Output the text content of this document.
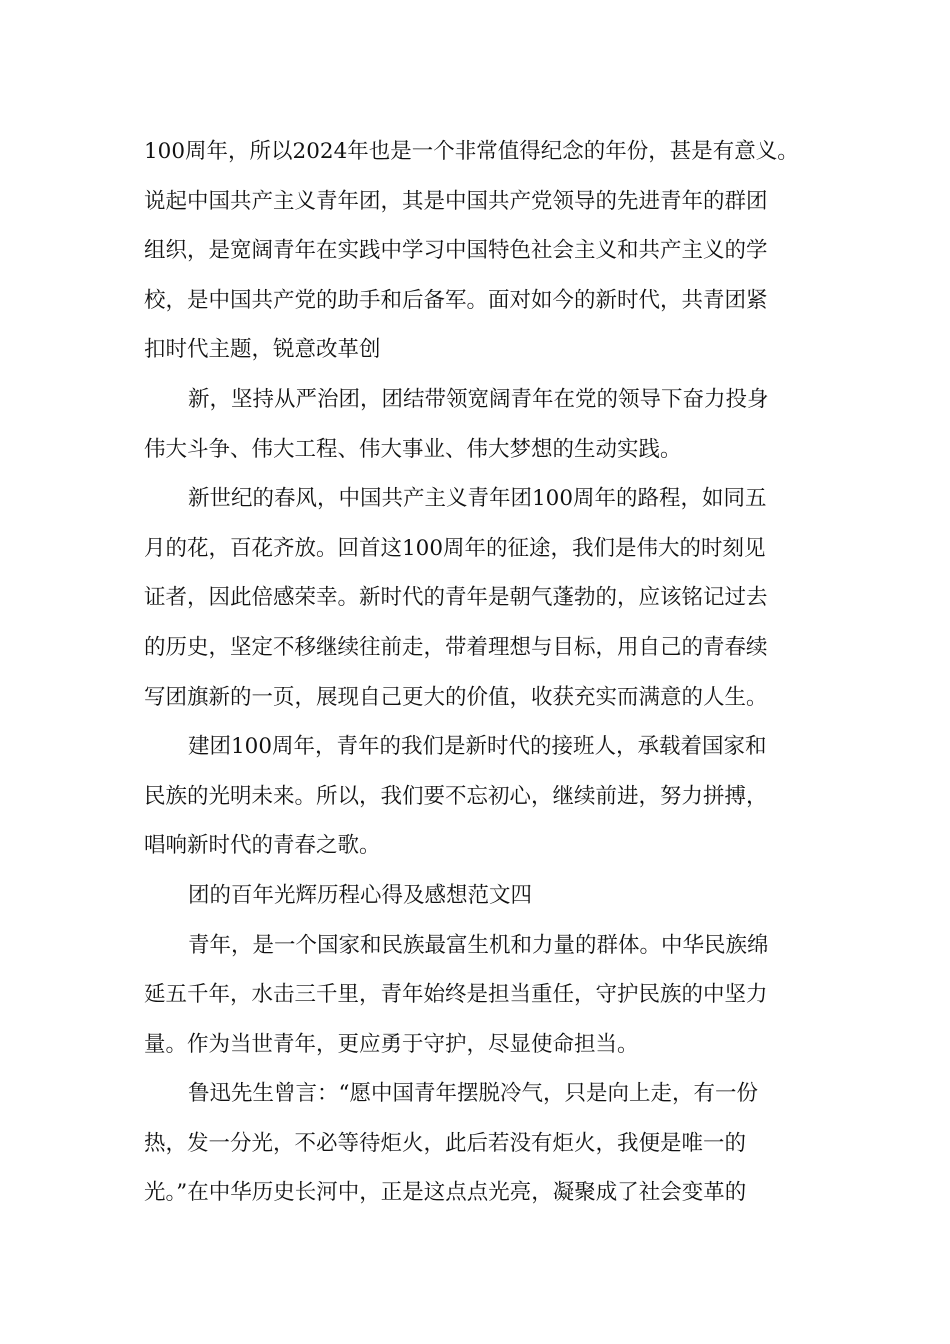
100周年，所以2024年也是一个非常值得纪念的年份，甚是有意义。
说起中国共产主义青年团，其是中国共产党领导的先进青年的群团
组织，是宽阔青年在实践中学习中国特色社会主义和共产主义的学
校，是中国共产党的助手和后备军。面对如今的新时代，共青团紧
扣时代主题，锐意改革创
新，坚持从严治团，团结带领宽阔青年在党的领导下奋力投身
伟大斗争、伟大工程、伟大事业、伟大梦想的生动实践。
新世纪的春风，中国共产主义青年团100周年的路程，如同五
月的花，百花齐放。回首这100周年的征途，我们是伟大的时刻见
证者，因此倍感荣幸。新时代的青年是朝气蓬勃的，应该铭记过去
的历史，坚定不移继续往前走，带着理想与目标，用自己的青春续
写团旗新的一页，展现自己更大的价值，收获充实而满意的人生。
建团100周年，青年的我们是新时代的接班人，承载着国家和
民族的光明未来。所以，我们要不忘初心，继续前进，努力拼搏，
唱响新时代的青春之歌。
团的百年光辉历程心得及感想范文四
青年，是一个国家和民族最富生机和力量的群体。中华民族绵
延五千年，水击三千里，青年始终是担当重任，守护民族的中坚力
量。作为当世青年，更应勇于守护，尽显使命担当。
鲁迅先生曾言：“愿中国青年摆脱冷气，只是向上走，有一份
热，发一分光，不必等待炬火，此后若没有炬火，我便是唯一的
光。”在中华历史长河中，正是这点点光亮，凝聚成了社会变革的
